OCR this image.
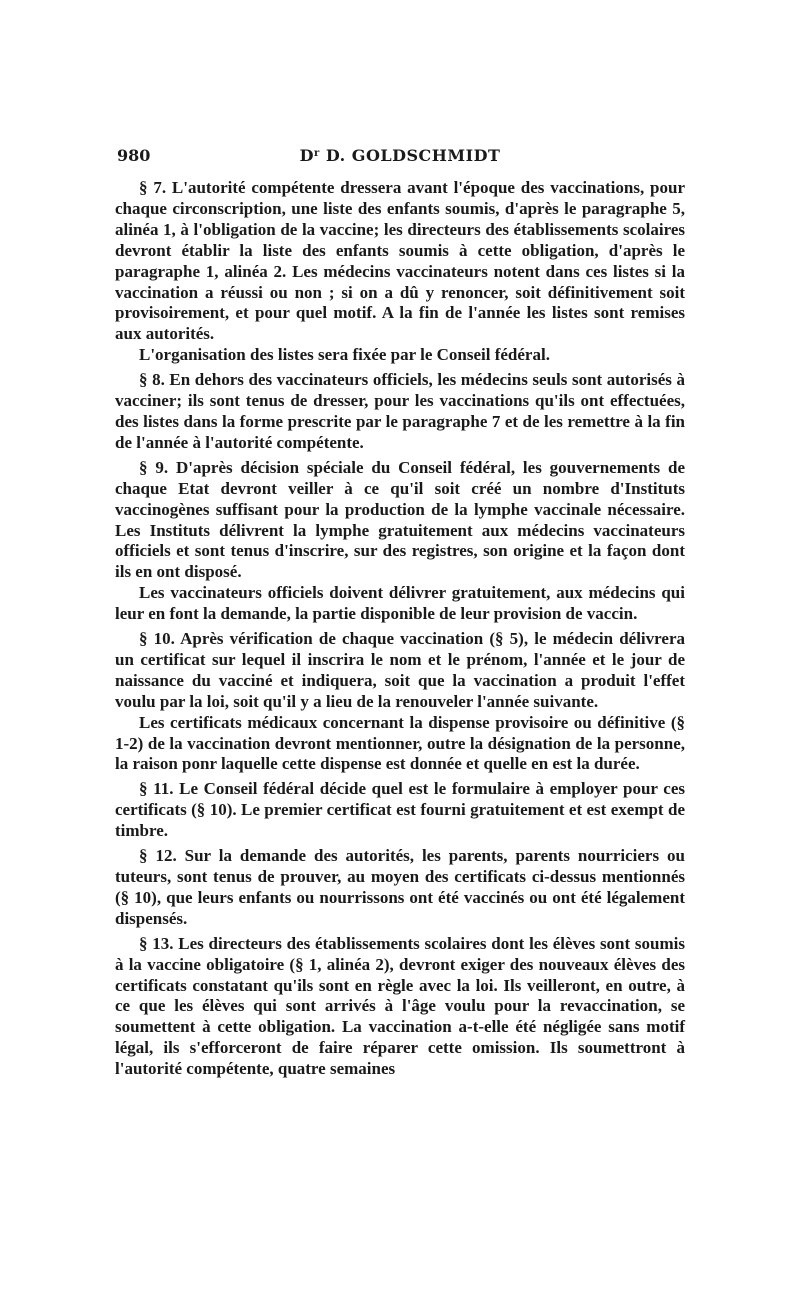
980	$D^r$ D. GOLDSCHMIDT

§ 7. L'autorité compétente dressera avant l'époque des vaccinations, pour chaque circonscription, une liste des enfants soumis, d'après le paragraphe 5, alinéa 1, à l'obligation de la vaccine; les directeurs des établissements scolaires devront établir la liste des enfants soumis à cette obligation, d'après le paragraphe 1, alinéa 2. Les médecins vaccinateurs notent dans ces listes si la vaccination a réussi ou non ; si on a dû y renoncer, soit définitivement soit provisoirement, et pour quel motif. A la fin de l'année les listes sont remises aux autorités.

L'organisation des listes sera fixée par le Conseil fédéral.

§ 8. En dehors des vaccinateurs officiels, les médecins seuls sont autorisés à vacciner; ils sont tenus de dresser, pour les vaccinations qu'ils ont effectuées, des listes dans la forme prescrite par le paragraphe 7 et de les remettre à la fin de l'année à l'autorité compétente.

§ 9. D'après décision spéciale du Conseil fédéral, les gouvernements de chaque Etat devront veiller à ce qu'il soit créé un nombre d'Instituts vaccinogènes suffisant pour la production de la lymphe vaccinale nécessaire. Les Instituts délivrent la lymphe gratuitement aux médecins vaccinateurs officiels et sont tenus d'inscrire, sur des registres, son origine et la façon dont ils en ont disposé.

Les vaccinateurs officiels doivent délivrer gratuitement, aux médecins qui leur en font la demande, la partie disponible de leur provision de vaccin.

§ 10. Après vérification de chaque vaccination (§ 5), le médecin délivrera un certificat sur lequel il inscrira le nom et le prénom, l'année et le jour de naissance du vacciné et indiquera, soit que la vaccination a produit l'effet voulu par la loi, soit qu'il y a lieu de la renouveler l'année suivante.

Les certificats médicaux concernant la dispense provisoire ou définitive (§ 1-2) de la vaccination devront mentionner, outre la désignation de la personne, la raison ponr laquelle cette dispense est donnée et quelle en est la durée.

§ 11. Le Conseil fédéral décide quel est le formulaire à employer pour ces certificats (§ 10). Le premier certificat est fourni gratuitement et est exempt de timbre.

§ 12. Sur la demande des autorités, les parents, parents nourriciers ou tuteurs, sont tenus de prouver, au moyen des certificats ci-dessus mentionnés (§ 10), que leurs enfants ou nourrissons ont été vaccinés ou ont été légalement dispensés.

§ 13. Les directeurs des établissements scolaires dont les élèves sont soumis à la vaccine obligatoire (§ 1, alinéa 2), devront exiger des nouveaux élèves des certificats constatant qu'ils sont en règle avec la loi. Ils veilleront, en outre, à ce que les élèves qui sont arrivés à l'âge voulu pour la revaccination, se soumettent à cette obligation. La vaccination a-t-elle été négligée sans motif légal, ils s'efforceront de faire réparer cette omission. Ils soumettront à l'autorité compétente, quatre semaines
